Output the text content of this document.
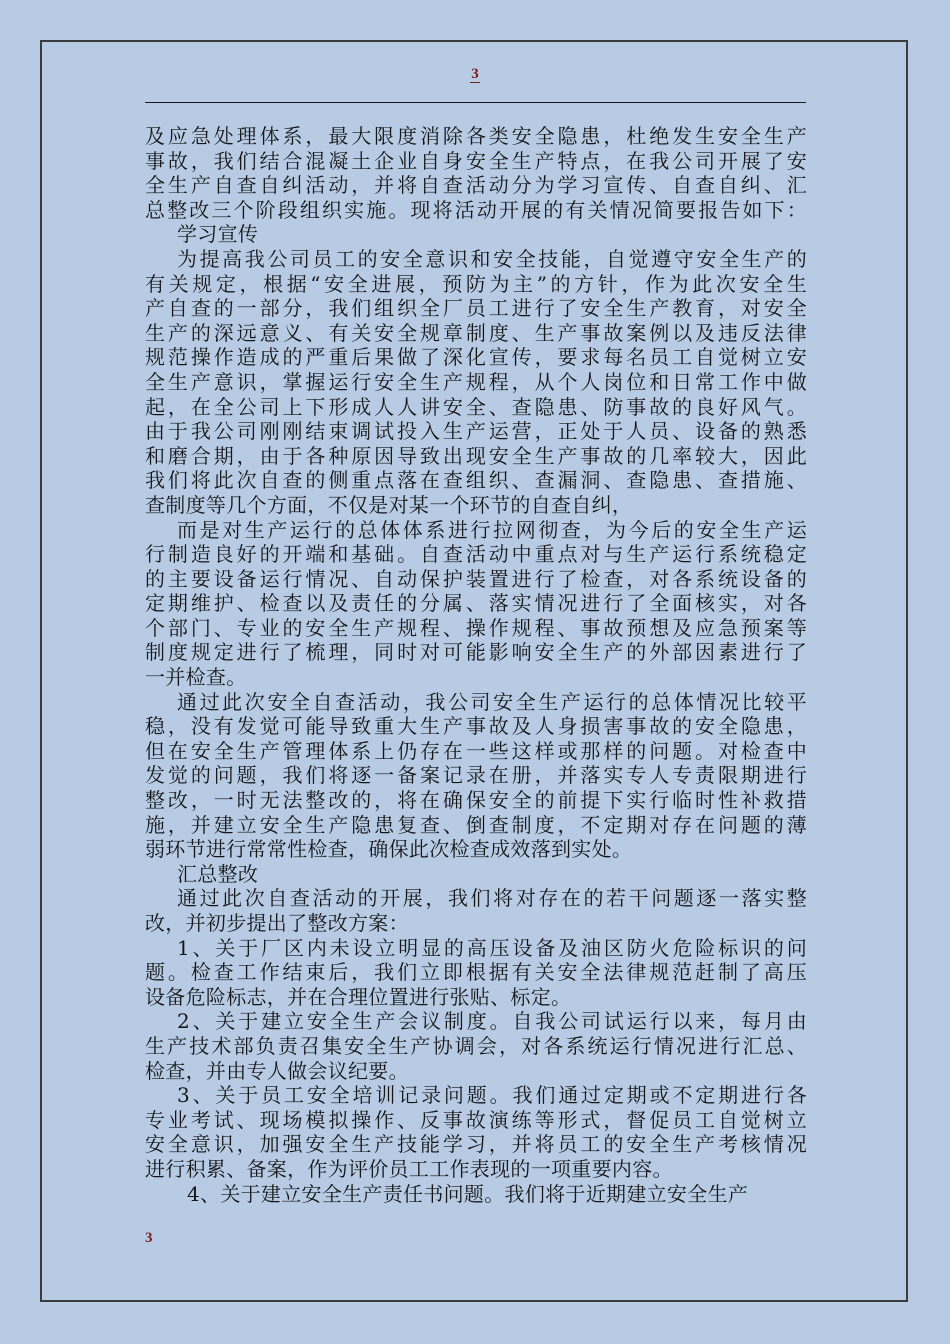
3
及应急处理体系，最大限度消除各类安全隐患，杜绝发生安全生产
事故，我们结合混凝土企业自身安全生产特点，在我公司开展了安
全生产自查自纠活动，并将自查活动分为学习宣传、自查自纠、汇
总整改三个阶段组织实施。现将活动开展的有关情况简要报告如下：
学习宣传
为提高我公司员工的安全意识和安全技能，自觉遵守安全生产的
有关规定，根据“安全进展，预防为主”的方针，作为此次安全生
产自查的一部分，我们组织全厂员工进行了安全生产教育，对安全
生产的深远意义、有关安全规章制度、生产事故案例以及违反法律
规范操作造成的严重后果做了深化宣传，要求每名员工自觉树立安
全生产意识，掌握运行安全生产规程，从个人岗位和日常工作中做
起，在全公司上下形成人人讲安全、查隐患、防事故的良好风气。
由于我公司刚刚结束调试投入生产运营，正处于人员、设备的熟悉
和磨合期，由于各种原因导致出现安全生产事故的几率较大，因此
我们将此次自查的侧重点落在查组织、查漏洞、查隐患、查措施、
查制度等几个方面，不仅是对某一个环节的自查自纠，
而是对生产运行的总体体系进行拉网彻查，为今后的安全生产运
行制造良好的开端和基础。自查活动中重点对与生产运行系统稳定
的主要设备运行情况、自动保护装置进行了检查，对各系统设备的
定期维护、检查以及责任的分属、落实情况进行了全面核实，对各
个部门、专业的安全生产规程、操作规程、事故预想及应急预案等
制度规定进行了梳理，同时对可能影响安全生产的外部因素进行了
一并检查。
通过此次安全自查活动，我公司安全生产运行的总体情况比较平
稳，没有发觉可能导致重大生产事故及人身损害事故的安全隐患，
但在安全生产管理体系上仍存在一些这样或那样的问题。对检查中
发觉的问题，我们将逐一备案记录在册，并落实专人专责限期进行
整改，一时无法整改的，将在确保安全的前提下实行临时性补救措
施，并建立安全生产隐患复查、倒查制度，不定期对存在问题的薄
弱环节进行常常性检查，确保此次检查成效落到实处。
汇总整改
通过此次自查活动的开展，我们将对存在的若干问题逐一落实整
改，并初步提出了整改方案：
1、关于厂区内未设立明显的高压设备及油区防火危险标识的问
题。检查工作结束后，我们立即根据有关安全法律规范赶制了高压
设备危险标志，并在合理位置进行张贴、标定。
2、关于建立安全生产会议制度。自我公司试运行以来，每月由
生产技术部负责召集安全生产协调会，对各系统运行情况进行汇总、
检查，并由专人做会议纪要。
3、关于员工安全培训记录问题。我们通过定期或不定期进行各
专业考试、现场模拟操作、反事故演练等形式，督促员工自觉树立
安全意识，加强安全生产技能学习，并将员工的安全生产考核情况
进行积累、备案，作为评价员工工作表现的一项重要内容。
4、关于建立安全生产责任书问题。我们将于近期建立安全生产
3
